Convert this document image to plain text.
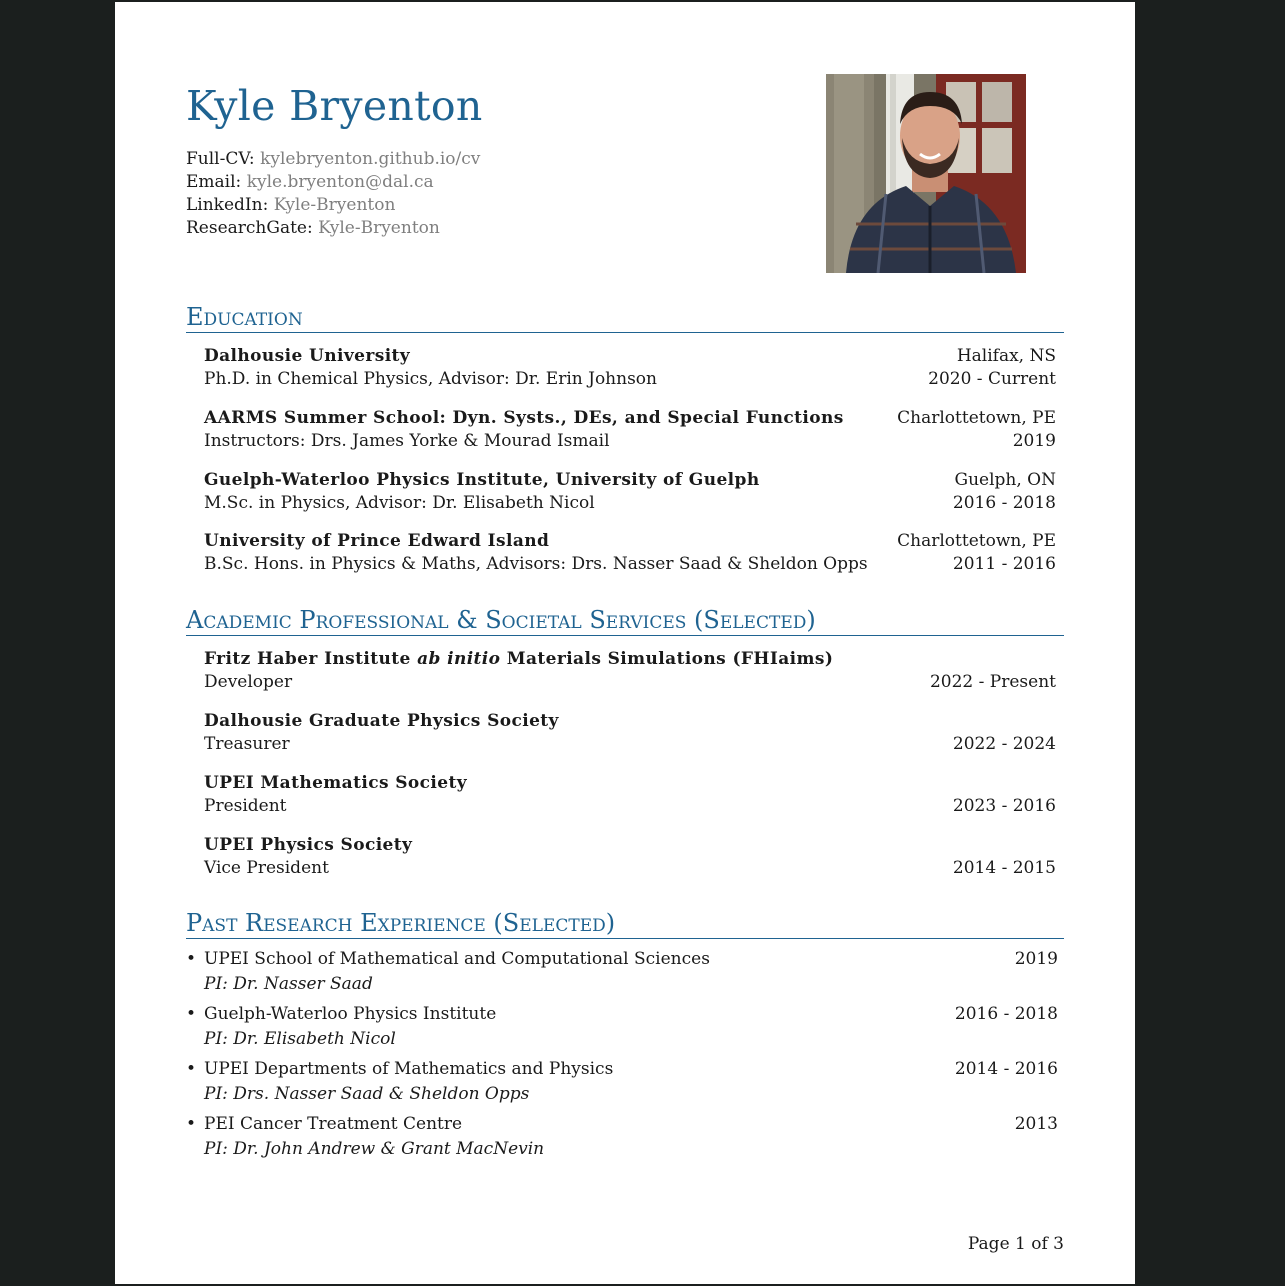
Kyle Bryenton
Full-CV: kylebryenton.github.io/cv
Email: kyle.bryenton@dal.ca
LinkedIn: Kyle-Bryenton
ResearchGate: Kyle-Bryenton
Education
Dalhousie University	Halifax, NS
Ph.D. in Chemical Physics, Advisor: Dr. Erin Johnson	2020 - Current
AARMS Summer School: Dyn. Systs., DEs, and Special Functions	Charlottetown, PE
Instructors: Drs. James Yorke & Mourad Ismail	2019
Guelph-Waterloo Physics Institute, University of Guelph	Guelph, ON
M.Sc. in Physics, Advisor: Dr. Elisabeth Nicol	2016 - 2018
University of Prince Edward Island	Charlottetown, PE
B.Sc. Hons. in Physics & Maths, Advisors: Drs. Nasser Saad & Sheldon Opps	2011 - 2016
Academic Professional & Societal Services (Selected)
Fritz Haber Institute ab initio Materials Simulations (FHIaims)
Developer	2022 - Present
Dalhousie Graduate Physics Society
Treasurer	2022 - 2024
UPEI Mathematics Society
President	2023 - 2016
UPEI Physics Society
Vice President	2014 - 2015
Past Research Experience (Selected)
• UPEI School of Mathematical and Computational Sciences	2019
PI: Dr. Nasser Saad
• Guelph-Waterloo Physics Institute	2016 - 2018
PI: Dr. Elisabeth Nicol
• UPEI Departments of Mathematics and Physics	2014 - 2016
PI: Drs. Nasser Saad & Sheldon Opps
• PEI Cancer Treatment Centre	2013
PI: Dr. John Andrew & Grant MacNevin
Page 1 of 3
